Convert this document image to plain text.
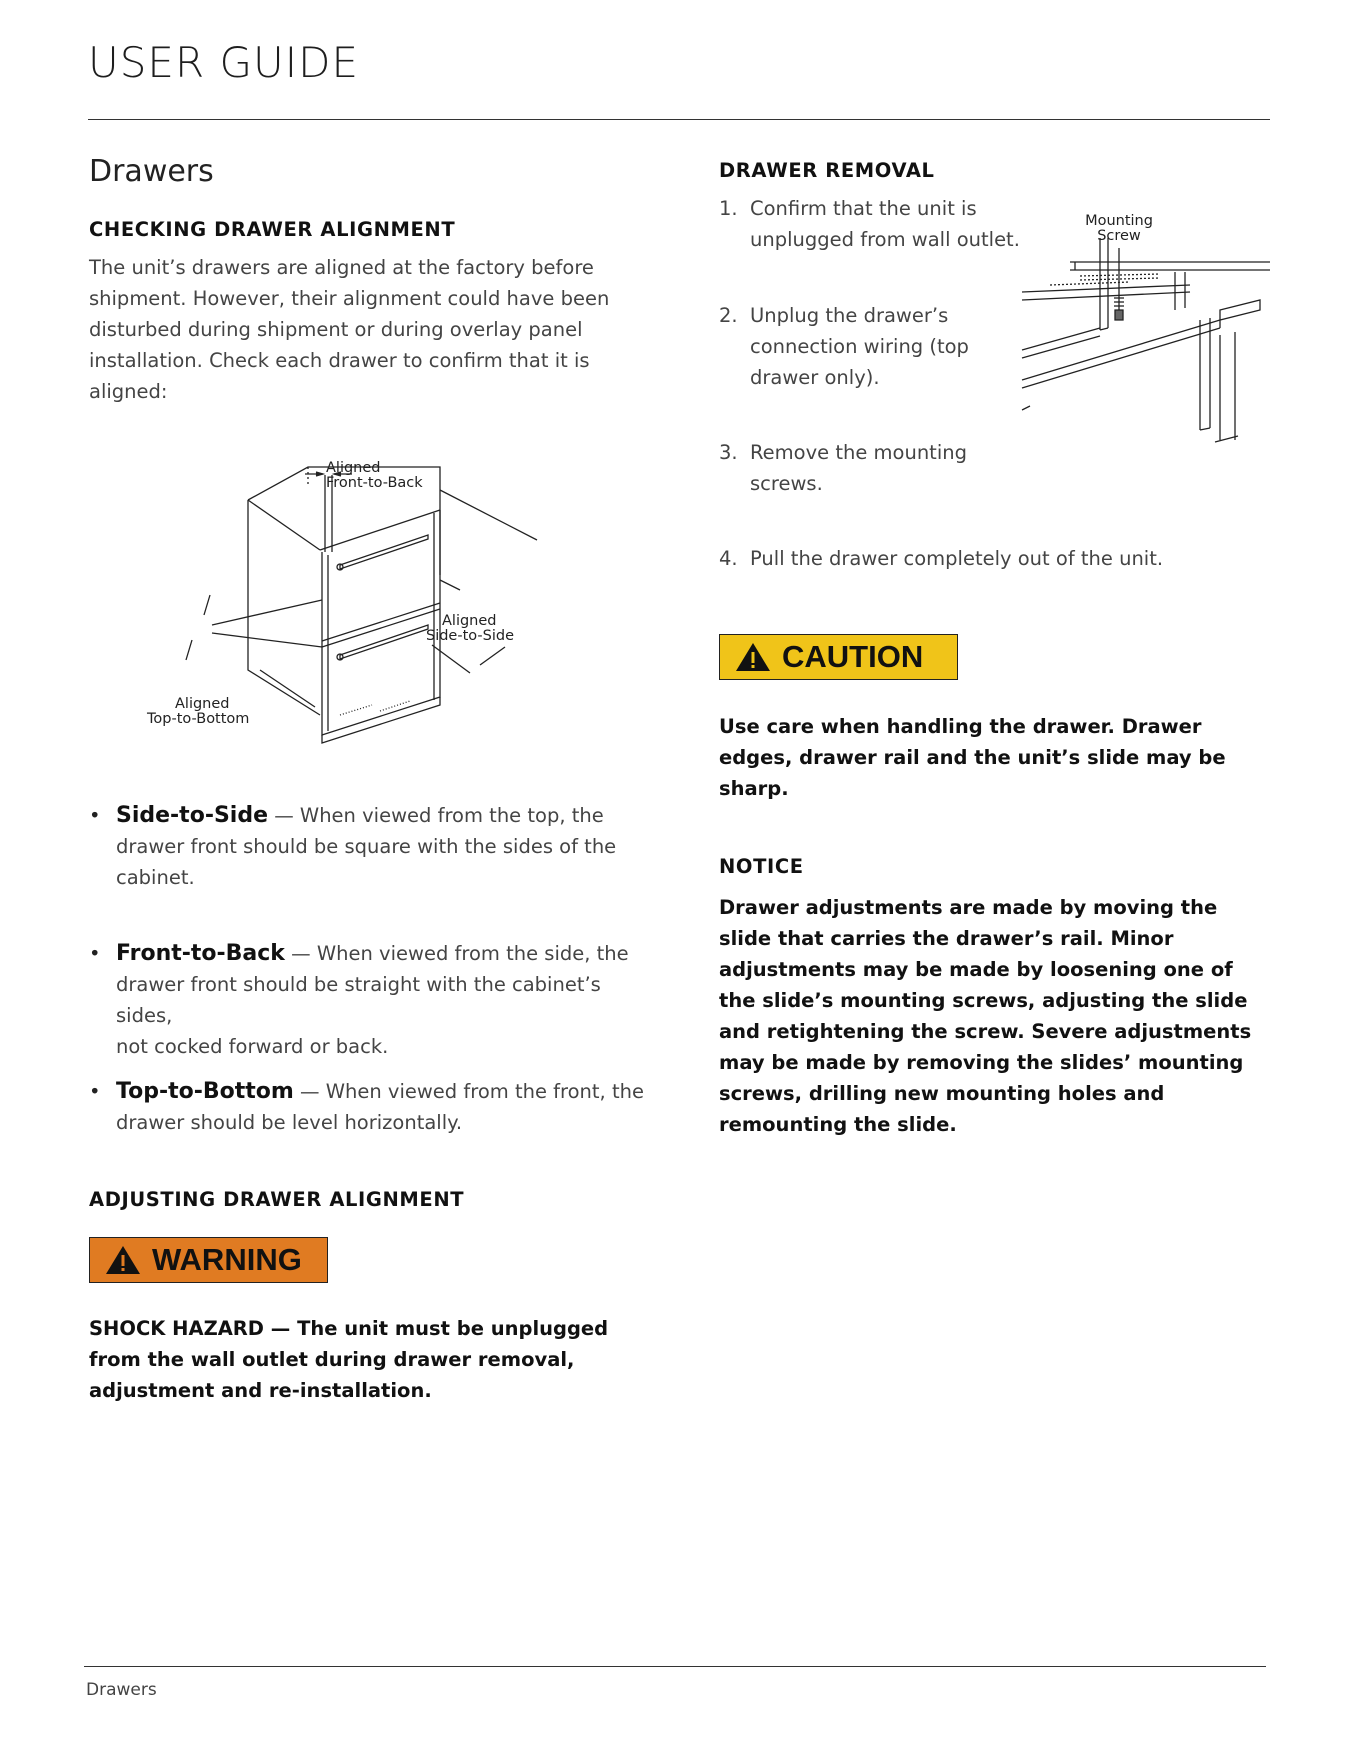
USER GUIDE
Drawers
CHECKING DRAWER ALIGNMENT
The unit’s drawers are aligned at the factory before
shipment. However, their alignment could have been
disturbed during shipment or during overlay panel
installation. Check each drawer to confirm that it is
aligned:
Aligned
Front-to-Back
Aligned
Side-to-Side
Aligned
Top-to-Bottom
• Side-to-Side — When viewed from the top, the
drawer front should be square with the sides of the
cabinet.
• Front-to-Back — When viewed from the side, the
drawer front should be straight with the cabinet’s sides,
not cocked forward or back.
• Top-to-Bottom — When viewed from the front, the
drawer should be level horizontally.
ADJUSTING DRAWER ALIGNMENT
WARNING
SHOCK HAZARD — The unit must be unplugged
from the wall outlet during drawer removal,
adjustment and re-installation.
DRAWER REMOVAL
1. Confirm that the unit is
unplugged from wall outlet.
2. Unplug the drawer’s
connection wiring (top
drawer only).
3. Remove the mounting
screws.
4. Pull the drawer completely out of the unit.
Mounting
Screw
CAUTION
Use care when handling the drawer. Drawer
edges, drawer rail and the unit’s slide may be
sharp.
NOTICE
Drawer adjustments are made by moving the
slide that carries the drawer’s rail. Minor
adjustments may be made by loosening one of
the slide’s mounting screws, adjusting the slide
and retightening the screw. Severe adjustments
may be made by removing the slides’ mounting
screws, drilling new mounting holes and
remounting the slide.
Drawers
